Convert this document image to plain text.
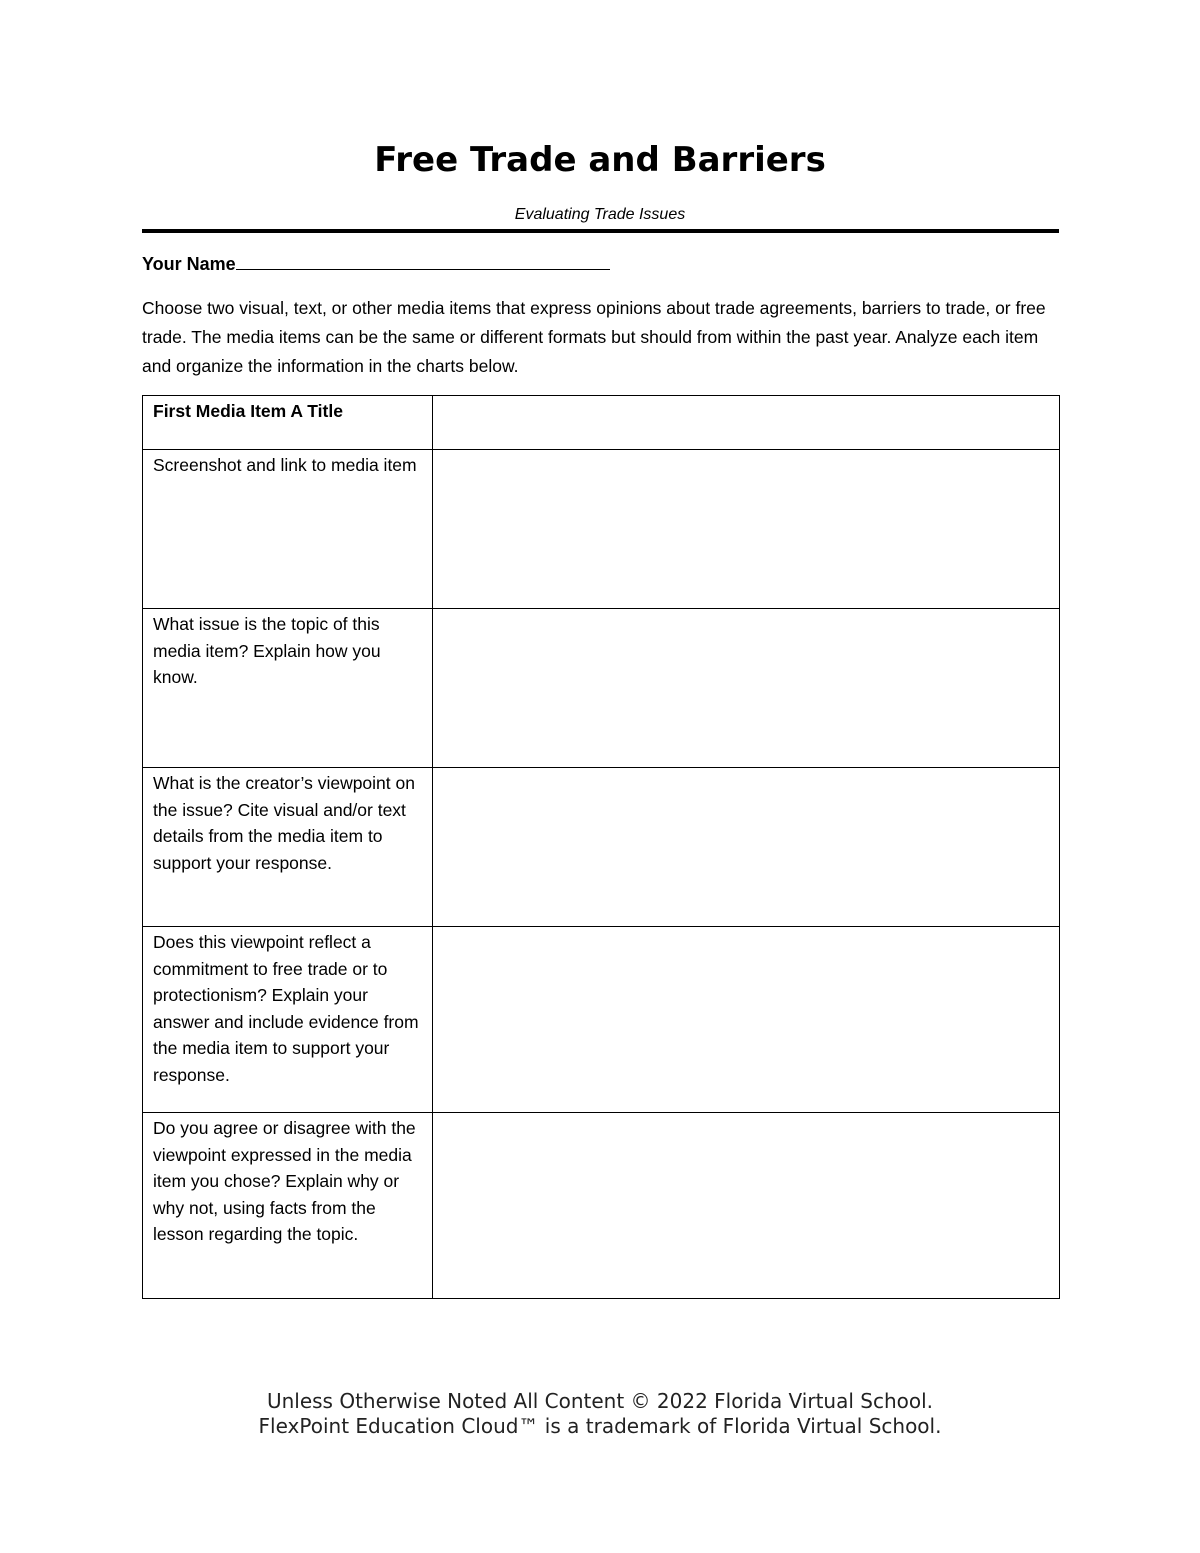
Free Trade and Barriers
Evaluating Trade Issues
Your Name
Choose two visual, text, or other media items that express opinions about trade agreements, barriers to trade, or free trade. The media items can be the same or different formats but should from within the past year. Analyze each item and organize the information in the charts below.
First Media Item A Title	
Screenshot and link to media item	
What issue is the topic of this media item? Explain how you know.	
What is the creator’s viewpoint on the issue? Cite visual and/or text details from the media item to support your response.	
Does this viewpoint reflect a commitment to free trade or to protectionism? Explain your answer and include evidence from the media item to support your response.	
Do you agree or disagree with the viewpoint expressed in the media item you chose? Explain why or why not, using facts from the lesson regarding the topic.	
Unless Otherwise Noted All Content © 2022 Florida Virtual School.
FlexPoint Education Cloud™ is a trademark of Florida Virtual School.
